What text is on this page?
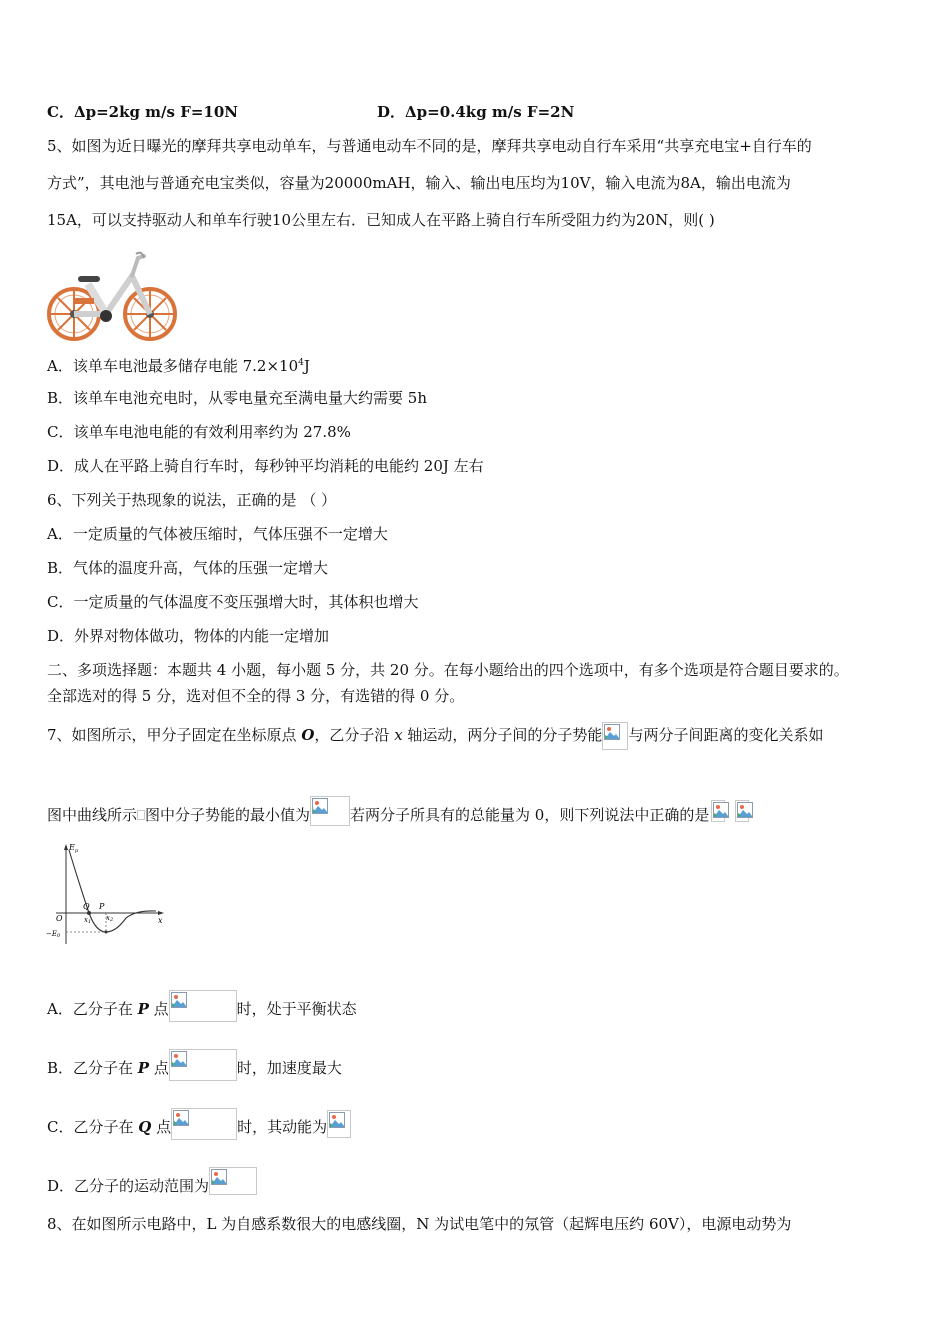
C．Δp=2kg m/s F=10N	D．Δp=0.4kg m/s F=2N
5、如图为近日曝光的摩拜共享电动单车，与普通电动车不同的是，摩拜共享电动自行车采用“共享充电宝+自行车的
方式”，其电池与普通充电宝类似，容量为20000mAH，输入、输出电压均为10V，输入电流为8A，输出电流为
15A，可以支持驱动人和单车行驶10公里左右．已知成人在平路上骑自行车所受阻力约为20N，则( )
A．该单车电池最多储存电能 $7.2\times 10^4J$
B．该单车电池充电时，从零电量充至满电量大约需要 5h
C．该单车电池电能的有效利用率约为 27.8%
D．成人在平路上骑自行车时，每秒钟平均消耗的电能约 20J 左右
6、下列关于热现象的说法，正确的是 （ ）
A．一定质量的气体被压缩时，气体压强不一定增大
B．气体的温度升高，气体的压强一定增大
C．一定质量的气体温度不变压强增大时，其体积也增大
D．外界对物体做功，物体的内能一定增加
二、多项选择题：本题共 4 小题，每小题 5 分，共 20 分。在每小题给出的四个选项中，有多个选项是符合题目要求的。
全部选对的得 5 分，选对但不全的得 3 分，有选错的得 0 分。
7、如图所示，甲分子固定在坐标原点 O，乙分子沿 x 轴运动，两分子间的分子势能 与两分子间距离的变化关系如
图中曲线所示 图中分子势能的最小值为	若两分子所具有的总能量为 0，则下列说法中正确的是
$E_p$
O	x
Q P
x1 x2
−E0
A．乙分子在 P 点	时，处于平衡状态
B．乙分子在 P 点	时，加速度最大
C．乙分子在 Q 点	时，其动能为
D．乙分子的运动范围为
8、在如图所示电路中，L 为自感系数很大的电感线圈，N 为试电笔中的氖管（起辉电压约 60V），电源电动势为
